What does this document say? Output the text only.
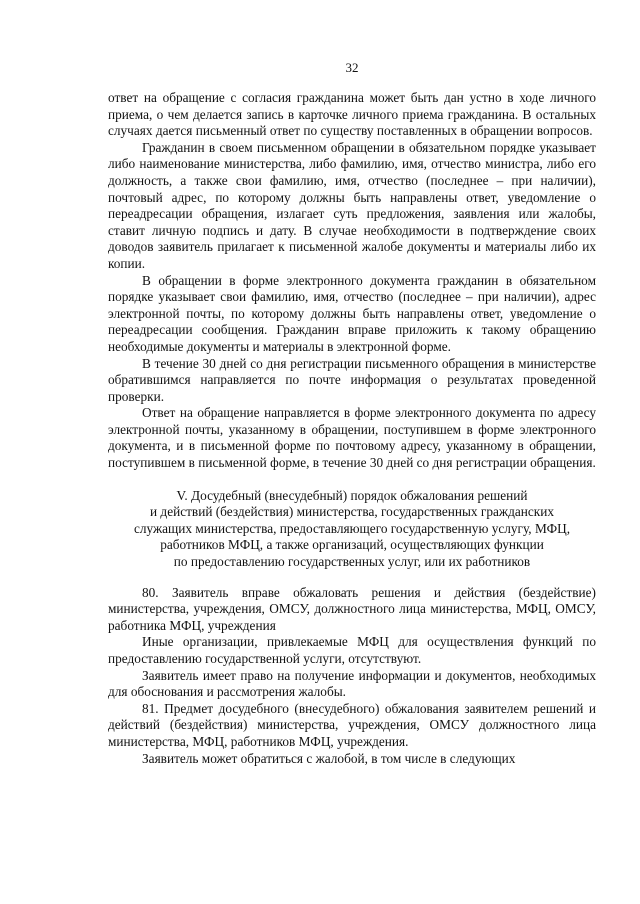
32

ответ на обращение с согласия гражданина может быть дан устно в ходе личного приема, о чем делается запись в карточке личного приема гражданина. В остальных случаях дается письменный ответ по существу поставленных в обращении вопросов.

Гражданин в своем письменном обращении в обязательном порядке указывает либо наименование министерства, либо фамилию, имя, отчество министра, либо его должность, а также свои фамилию, имя, отчество (последнее – при наличии), почтовый адрес, по которому должны быть направлены ответ, уведомление о переадресации обращения, излагает суть предложения, заявления или жалобы, ставит личную подпись и дату. В случае необходимости в подтверждение своих доводов заявитель прилагает к письменной жалобе документы и материалы либо их копии.

В обращении в форме электронного документа гражданин в обязательном порядке указывает свои фамилию, имя, отчество (последнее – при наличии), адрес электронной почты, по которому должны быть направлены ответ, уведомление о переадресации сообщения. Гражданин вправе приложить к такому обращению необходимые документы и материалы в электронной форме.

В течение 30 дней со дня регистрации письменного обращения в министерстве обратившимся направляется по почте информация о результатах проведенной проверки.

Ответ на обращение направляется в форме электронного документа по адресу электронной почты, указанному в обращении, поступившем в форме электронного документа, и в письменной форме по почтовому адресу, указанному в обращении, поступившем в письменной форме, в течение 30 дней со дня регистрации обращения.

V. Досудебный (внесудебный) порядок обжалования решений
и действий (бездействия) министерства, государственных гражданских
служащих министерства, предоставляющего государственную услугу, МФЦ,
работников МФЦ, а также организаций, осуществляющих функции
по предоставлению государственных услуг, или их работников

80. Заявитель вправе обжаловать решения и действия (бездействие) министерства, учреждения, ОМСУ, должностного лица министерства, МФЦ, ОМСУ, работника МФЦ, учреждения

Иные организации, привлекаемые МФЦ для осуществления функций по предоставлению государственной услуги, отсутствуют.

Заявитель имеет право на получение информации и документов, необходимых для обоснования и рассмотрения жалобы.

81. Предмет досудебного (внесудебного) обжалования заявителем решений и действий (бездействия) министерства, учреждения, ОМСУ должностного лица министерства, МФЦ, работников МФЦ, учреждения.

Заявитель может обратиться с жалобой, в том числе в следующих
